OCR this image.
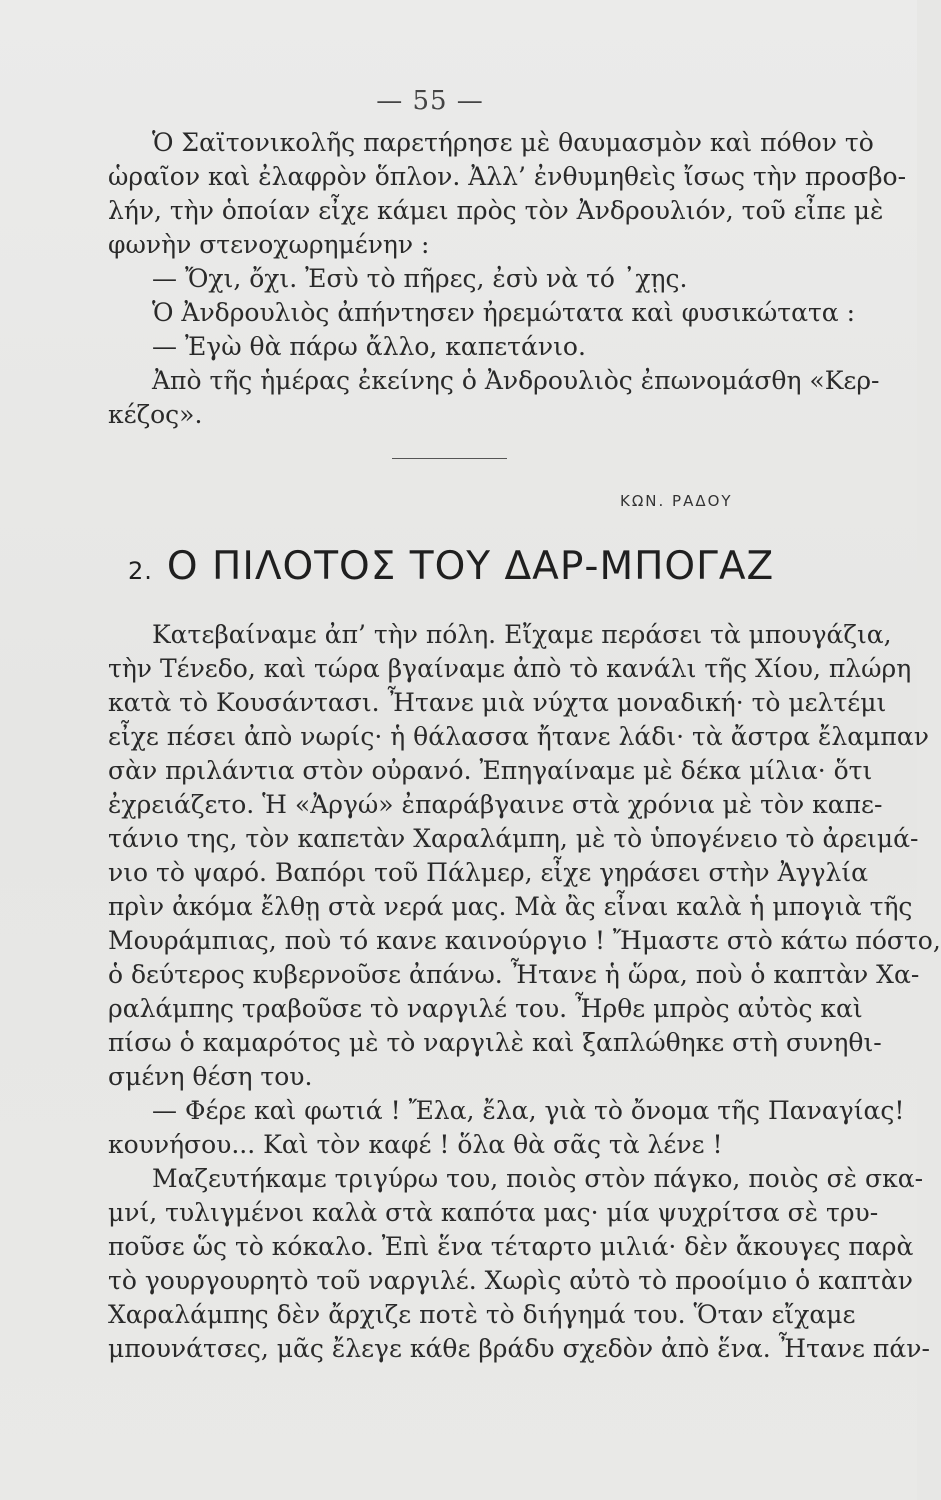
— 55 —
Ὁ Σαϊτονικολῆς παρετήρησε μὲ θαυμασμὸν καὶ πόθον τὸ
ὡραῖον καὶ ἐλαφρὸν ὅπλον. Ἀλλ’ ἐνθυμηθεὶς ἴσως τὴν προσβο-
λήν, τὴν ὁποίαν εἶχε κάμει πρὸς τὸν Ἀνδρουλιόν, τοῦ εἶπε μὲ
φωνὴν στενοχωρημένην :
— Ὄχι, ὄχι. Ἐσὺ τὸ πῆρες, ἐσὺ νὰ τό ᾽χῃς.
Ὁ Ἀνδρουλιὸς ἀπήντησεν ἠρεμώτατα καὶ φυσικώτατα :
— Ἐγὼ θὰ πάρω ἄλλο, καπετάνιο.
Ἀπὸ τῆς ἡμέρας ἐκείνης ὁ Ἀνδρουλιὸς ἐπωνομάσθη «Κερ-
κέζος».
ΚΩΝ. ΡΑΔΟΥ
2. Ο ΠΙΛΟΤΟΣ ΤΟΥ ΔΑΡ-ΜΠΟΓΑΖ
Κατεβαίναμε ἀπ’ τὴν πόλη. Εἴχαμε περάσει τὰ μπουγάζια,
τὴν Τένεδο, καὶ τώρα βγαίναμε ἀπὸ τὸ κανάλι τῆς Χίου, πλώρη
κατὰ τὸ Κουσάντασι. Ἦτανε μιὰ νύχτα μοναδική· τὸ μελτέμι
εἶχε πέσει ἀπὸ νωρίς· ἡ θάλασσα ἤτανε λάδι· τὰ ἄστρα ἔλαμπαν
σὰν πριλάντια στὸν οὐρανό. Ἐπηγαίναμε μὲ δέκα μίλια· ὅτι
ἐχρειάζετο. Ἡ «Ἀργώ» ἐπαράβγαινε στὰ χρόνια μὲ τὸν καπε-
τάνιο της, τὸν καπετὰν Χαραλάμπη, μὲ τὸ ὑπογένειο τὸ ἀρειμά-
νιο τὸ ψαρό. Βαπόρι τοῦ Πάλμερ, εἶχε γηράσει στὴν Ἀγγλία
πρὶν ἀκόμα ἔλθῃ στὰ νερά μας. Μὰ ἂς εἶναι καλὰ ἡ μπογιὰ τῆς
Μουράμπιας, ποὺ τό κανε καινούργιο ! Ἤμαστε στὸ κάτω πόστο,
ὁ δεύτερος κυβερνοῦσε ἀπάνω. Ἦτανε ἡ ὥρα, ποὺ ὁ καπτὰν Χα-
ραλάμπης τραβοῦσε τὸ ναργιλέ του. Ἦρθε μπρὸς αὐτὸς καὶ
πίσω ὁ καμαρότος μὲ τὸ ναργιλὲ καὶ ξαπλώθηκε στὴ συνηθι-
σμένη θέση του.
— Φέρε καὶ φωτιά ! Ἔλα, ἔλα, γιὰ τὸ ὄνομα τῆς Παναγίας!
κουνήσου... Καὶ τὸν καφέ ! ὅλα θὰ σᾶς τὰ λένε !
Μαζευτήκαμε τριγύρω του, ποιὸς στὸν πάγκο, ποιὸς σὲ σκα-
μνί, τυλιγμένοι καλὰ στὰ καπότα μας· μία ψυχρίτσα σὲ τρυ-
ποῦσε ὥς τὸ κόκαλο. Ἐπὶ ἕνα τέταρτο μιλιά· δὲν ἄκουγες παρὰ
τὸ γουργουρητὸ τοῦ ναργιλέ. Χωρὶς αὐτὸ τὸ προοίμιο ὁ καπτὰν
Χαραλάμπης δὲν ἄρχιζε ποτὲ τὸ διήγημά του. Ὅταν εἴχαμε
μπουνάτσες, μᾶς ἔλεγε κάθε βράδυ σχεδὸν ἀπὸ ἕνα. Ἦτανε πάν-
